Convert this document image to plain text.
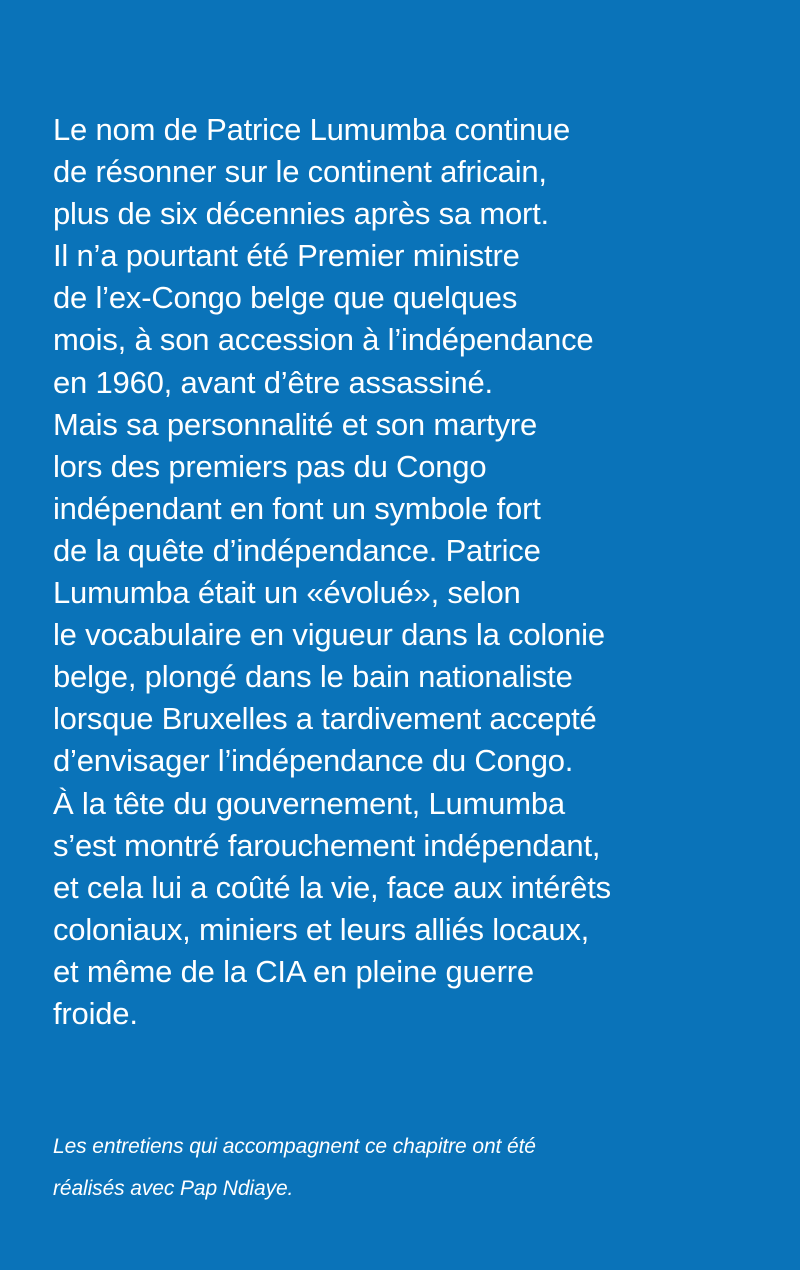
Le nom de Patrice Lumumba continue
de résonner sur le continent africain,
plus de six décennies après sa mort.
Il n’a pourtant été Premier ministre
de l’ex-Congo belge que quelques
mois, à son accession à l’indépendance
en 1960, avant d’être assassiné.
Mais sa personnalité et son martyre
lors des premiers pas du Congo
indépendant en font un symbole fort
de la quête d’indépendance. Patrice
Lumumba était un «évolué», selon
le vocabulaire en vigueur dans la colonie
belge, plongé dans le bain nationaliste
lorsque Bruxelles a tardivement accepté
d’envisager l’indépendance du Congo.
À la tête du gouvernement, Lumumba
s’est montré farouchement indépendant,
et cela lui a coûté la vie, face aux intérêts
coloniaux, miniers et leurs alliés locaux,
et même de la CIA en pleine guerre
froide.
Les entretiens qui accompagnent ce chapitre ont été
réalisés avec Pap Ndiaye.
